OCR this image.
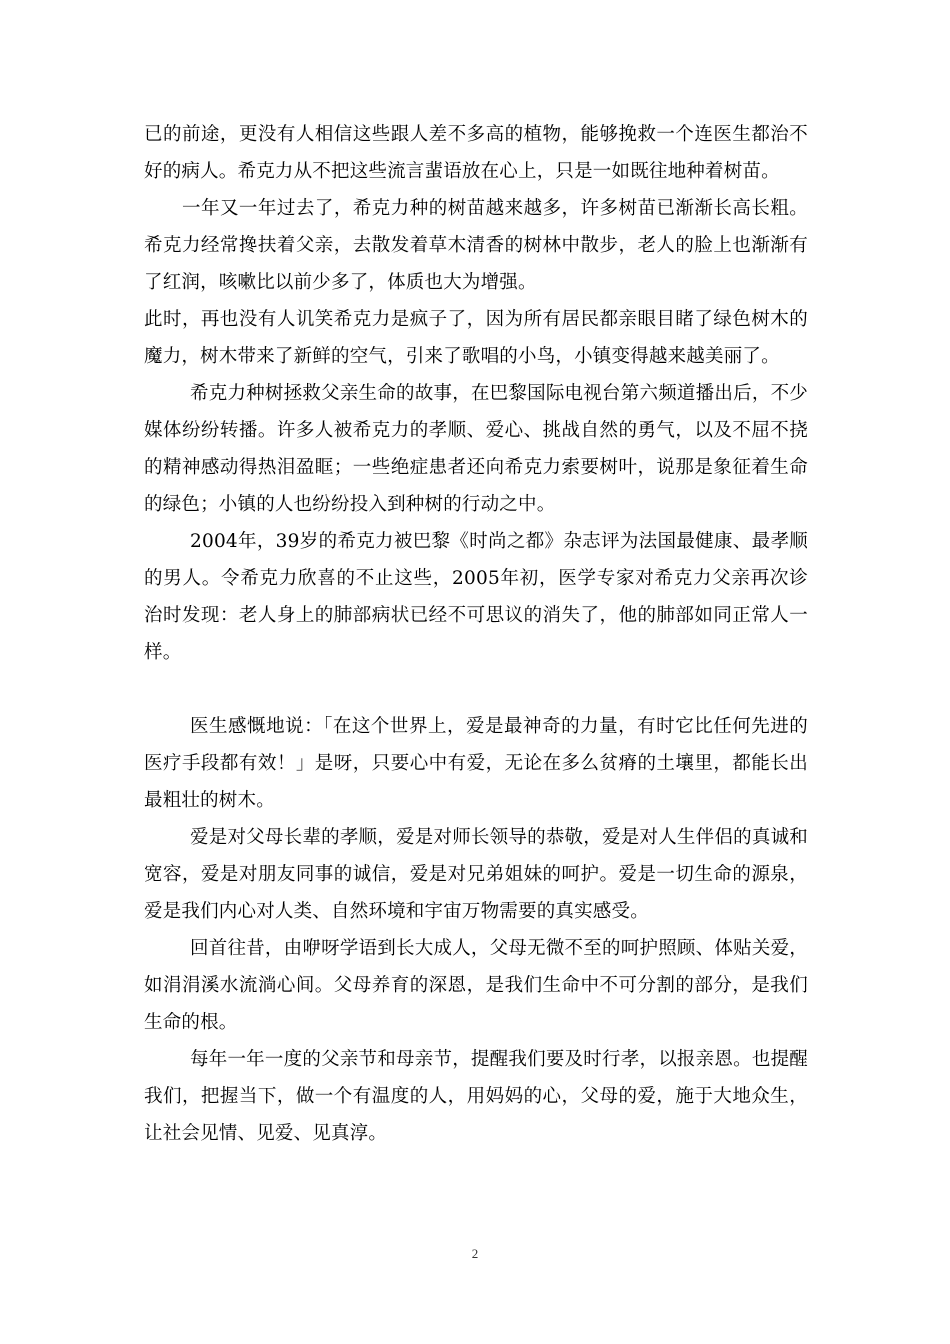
已的前途，更没有人相信这些跟人差不多高的植物，能够挽救一个连医生都治不好的病人。希克力从不把这些流言蜚语放在心上，只是一如既往地种着树苗。

一年又一年过去了，希克力种的树苗越来越多，许多树苗已渐渐长高长粗。希克力经常搀扶着父亲，去散发着草木清香的树林中散步，老人的脸上也渐渐有了红润，咳嗽比以前少多了，体质也大为增强。

此时，再也没有人讥笑希克力是疯子了，因为所有居民都亲眼目睹了绿色树木的魔力，树木带来了新鲜的空气，引来了歌唱的小鸟，小镇变得越来越美丽了。

希克力种树拯救父亲生命的故事，在巴黎国际电视台第六频道播出后，不少媒体纷纷转播。许多人被希克力的孝顺、爱心、挑战自然的勇气，以及不屈不挠的精神感动得热泪盈眶；一些绝症患者还向希克力索要树叶，说那是象征着生命的绿色；小镇的人也纷纷投入到种树的行动之中。

2004年，39岁的希克力被巴黎《时尚之都》杂志评为法国最健康、最孝顺的男人。令希克力欣喜的不止这些，2005年初，医学专家对希克力父亲再次诊治时发现：老人身上的肺部病状已经不可思议的消失了，他的肺部如同正常人一样。

医生感慨地说：「在这个世界上，爱是最神奇的力量，有时它比任何先进的医疗手段都有效！」是呀，只要心中有爱，无论在多么贫瘠的土壤里，都能长出最粗壮的树木。

爱是对父母长辈的孝顺，爱是对师长领导的恭敬，爱是对人生伴侣的真诚和宽容，爱是对朋友同事的诚信，爱是对兄弟姐妹的呵护。爱是一切生命的源泉，爱是我们内心对人类、自然环境和宇宙万物需要的真实感受。

回首往昔，由咿呀学语到长大成人，父母无微不至的呵护照顾、体贴关爱，如涓涓溪水流淌心间。父母养育的深恩，是我们生命中不可分割的部分，是我们生命的根。

每年一年一度的父亲节和母亲节，提醒我们要及时行孝，以报亲恩。也提醒我们，把握当下，做一个有温度的人，用妈妈的心，父母的爱，施于大地众生，让社会见情、见爱、见真淳。

2
